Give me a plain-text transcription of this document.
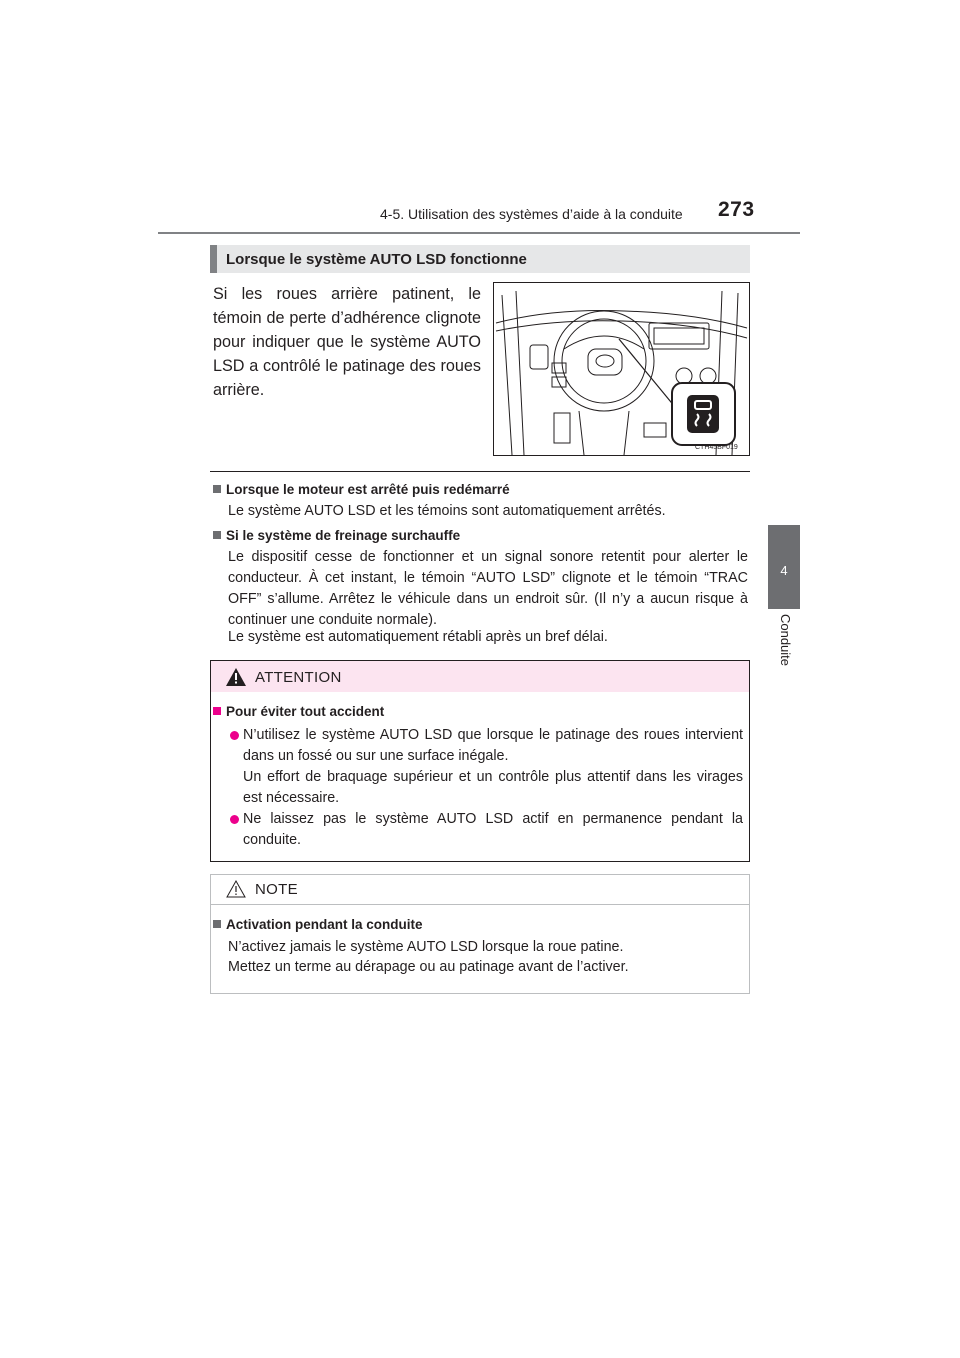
4-5. Utilisation des systèmes d’aide à la conduite 273
4
Conduite
Lorsque le système AUTO LSD fonctionne
Si les roues arrière patinent, le témoin de perte d’adhérence clignote pour indiquer que le système AUTO LSD a contrôlé le patinage des roues arrière.
CTH45BF019
Lorsque le moteur est arrêté puis redémarré
Le système AUTO LSD et les témoins sont automatiquement arrêtés.
Si le système de freinage surchauffe
Le dispositif cesse de fonctionner et un signal sonore retentit pour alerter le conducteur. À cet instant, le témoin “AUTO LSD” clignote et le témoin “TRAC OFF” s’allume. Arrêtez le véhicule dans un endroit sûr. (Il n’y a aucun risque à continuer une conduite normale).
Le système est automatiquement rétabli après un bref délai.
ATTENTION
Pour éviter tout accident
N’utilisez le système AUTO LSD que lorsque le patinage des roues intervient dans un fossé ou sur une surface inégale.
Un effort de braquage supérieur et un contrôle plus attentif dans les virages est nécessaire.
Ne laissez pas le système AUTO LSD actif en permanence pendant la conduite.
NOTE
Activation pendant la conduite
N’activez jamais le système AUTO LSD lorsque la roue patine.
Mettez un terme au dérapage ou au patinage avant de l’activer.
